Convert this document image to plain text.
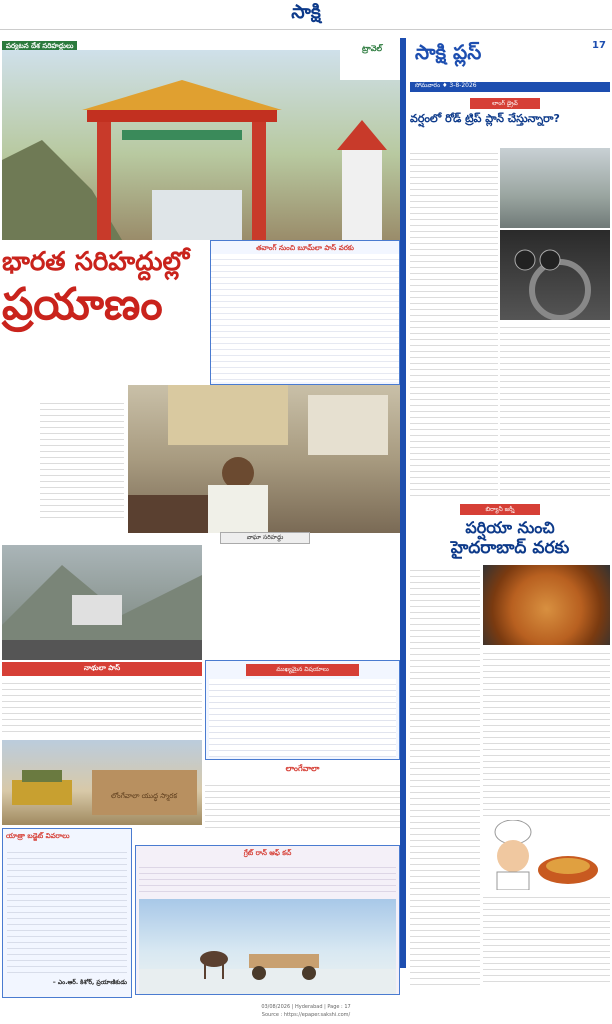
సాక్షి
పర్యటన దేశ సరిహద్దులు	ట్రావెల్ సాక్షి ప్లస్	17
సోమవారం ♦ 3-8-2026
భారత సరిహద్దుల్లో
ప్రయాణం
తవాంగ్ నుంచి బూమ్‌లా పాస్ వరకు
వాఘా సరిహద్దు
నాథులా పాస్	ముఖ్యమైన విషయాలు
లాంగేవాలా
లోంగేవాలా యుద్ధ స్మారక
యాత్రా బడ్జెట్ వివరాలు
– ఎం.ఆర్. కిశోర్, ప్రయాణికుడు
గ్రేట్ రాన్ ఆఫ్ కచ్
లాంగ్ డ్రైవ్
వర్షంలో రోడ్ ట్రిప్ ప్లాన్ చేస్తున్నారా?
బిర్యానీ జర్నీ
పర్షియా నుంచి
హైదరాబాద్ వరకు
03/08/2026 | Hyderabad | Page : 17
Source : https://epaper.sakshi.com/
